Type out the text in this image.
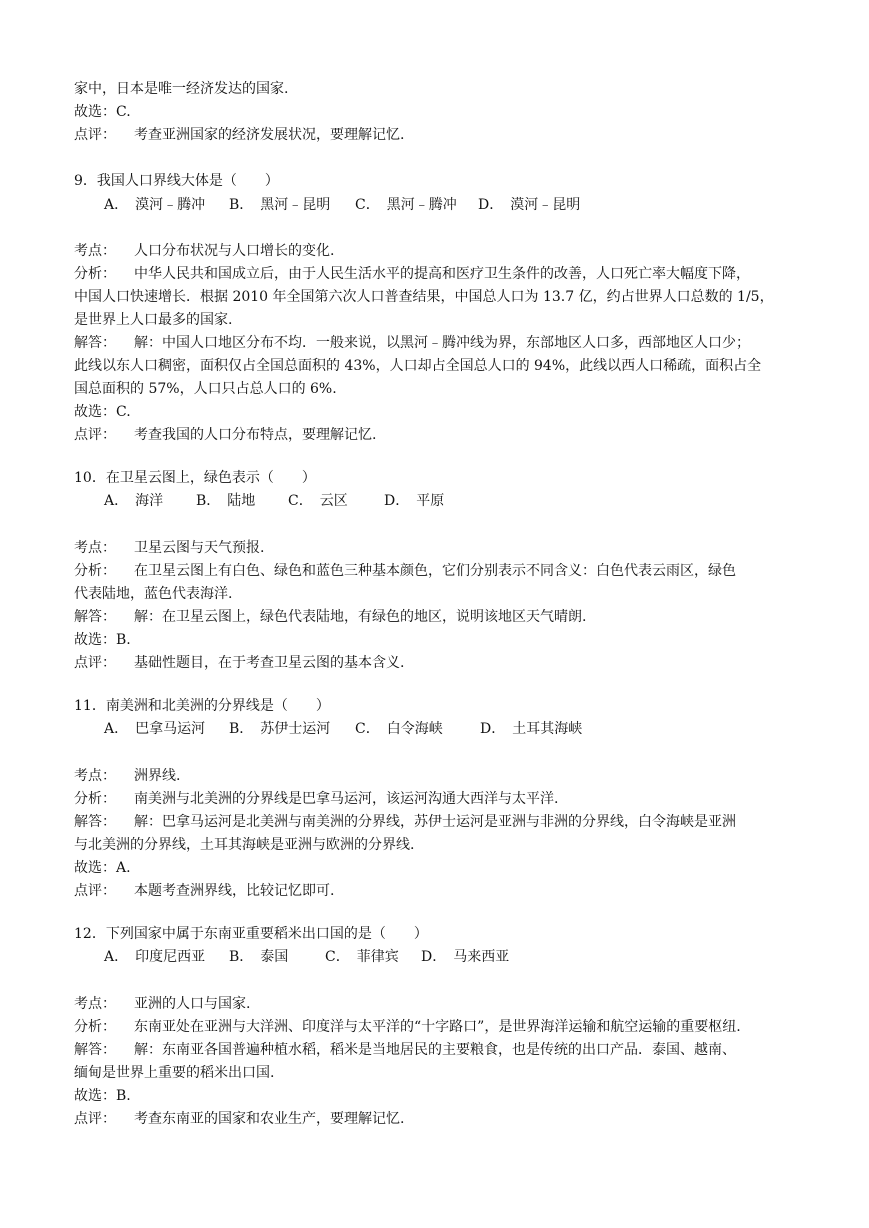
家中，日本是唯一经济发达的国家.
故选：C.
点评： 考查亚洲国家的经济发展状况，要理解记忆.
9．我国人口界线大体是（　　）
A．　漠河﹣腾冲 B．　黑河﹣昆明 C．　黑河﹣腾冲 D．　漠河﹣昆明
考点： 人口分布状况与人口增长的变化.
分析： 中华人民共和国成立后，由于人民生活水平的提高和医疗卫生条件的改善，人口死亡率大幅度下降，
中国人口快速增长．根据 2010 年全国第六次人口普查结果，中国总人口为 13.7 亿，约占世界人口总数的 1/5，
是世界上人口最多的国家.
解答： 解：中国人口地区分布不均．一般来说，以黑河﹣腾冲线为界，东部地区人口多，西部地区人口少；
此线以东人口稠密，面积仅占全国总面积的 43%，人口却占全国总人口的 94%，此线以西人口稀疏，面积占全
国总面积的 57%，人口只占总人口的 6%.
故选：C.
点评： 考查我国的人口分布特点，要理解记忆.
10．在卫星云图上，绿色表示（　　）
A．　海洋 B．　陆地 C．　云区	D．　平原
考点： 卫星云图与天气预报.
分析： 在卫星云图上有白色、绿色和蓝色三种基本颜色，它们分别表示不同含义：白色代表云雨区，绿色
代表陆地，蓝色代表海洋.
解答： 解：在卫星云图上，绿色代表陆地，有绿色的地区，说明该地区天气晴朗.
故选：B.
点评： 基础性题目，在于考查卫星云图的基本含义.
11．南美洲和北美洲的分界线是（　　）
A．　巴拿马运河 B．　苏伊士运河 C．　白令海峡	D．　土耳其海峡
考点： 洲界线.
分析： 南美洲与北美洲的分界线是巴拿马运河，该运河沟通大西洋与太平洋.
解答： 解：巴拿马运河是北美洲与南美洲的分界线，苏伊士运河是亚洲与非洲的分界线，白令海峡是亚洲
与北美洲的分界线，土耳其海峡是亚洲与欧洲的分界线.
故选：A.
点评： 本题考查洲界线，比较记忆即可.
12．下列国家中属于东南亚重要稻米出口国的是（　　）
A．　印度尼西亚 B．　泰国	C．　菲律宾 D．　马来西亚
考点： 亚洲的人口与国家.
分析： 东南亚处在亚洲与大洋洲、印度洋与太平洋的“十字路口”，是世界海洋运输和航空运输的重要枢纽.
解答： 解：东南亚各国普遍种植水稻，稻米是当地居民的主要粮食，也是传统的出口产品．泰国、越南、
缅甸是世界上重要的稻米出口国.
故选：B.
点评： 考查东南亚的国家和农业生产，要理解记忆.
